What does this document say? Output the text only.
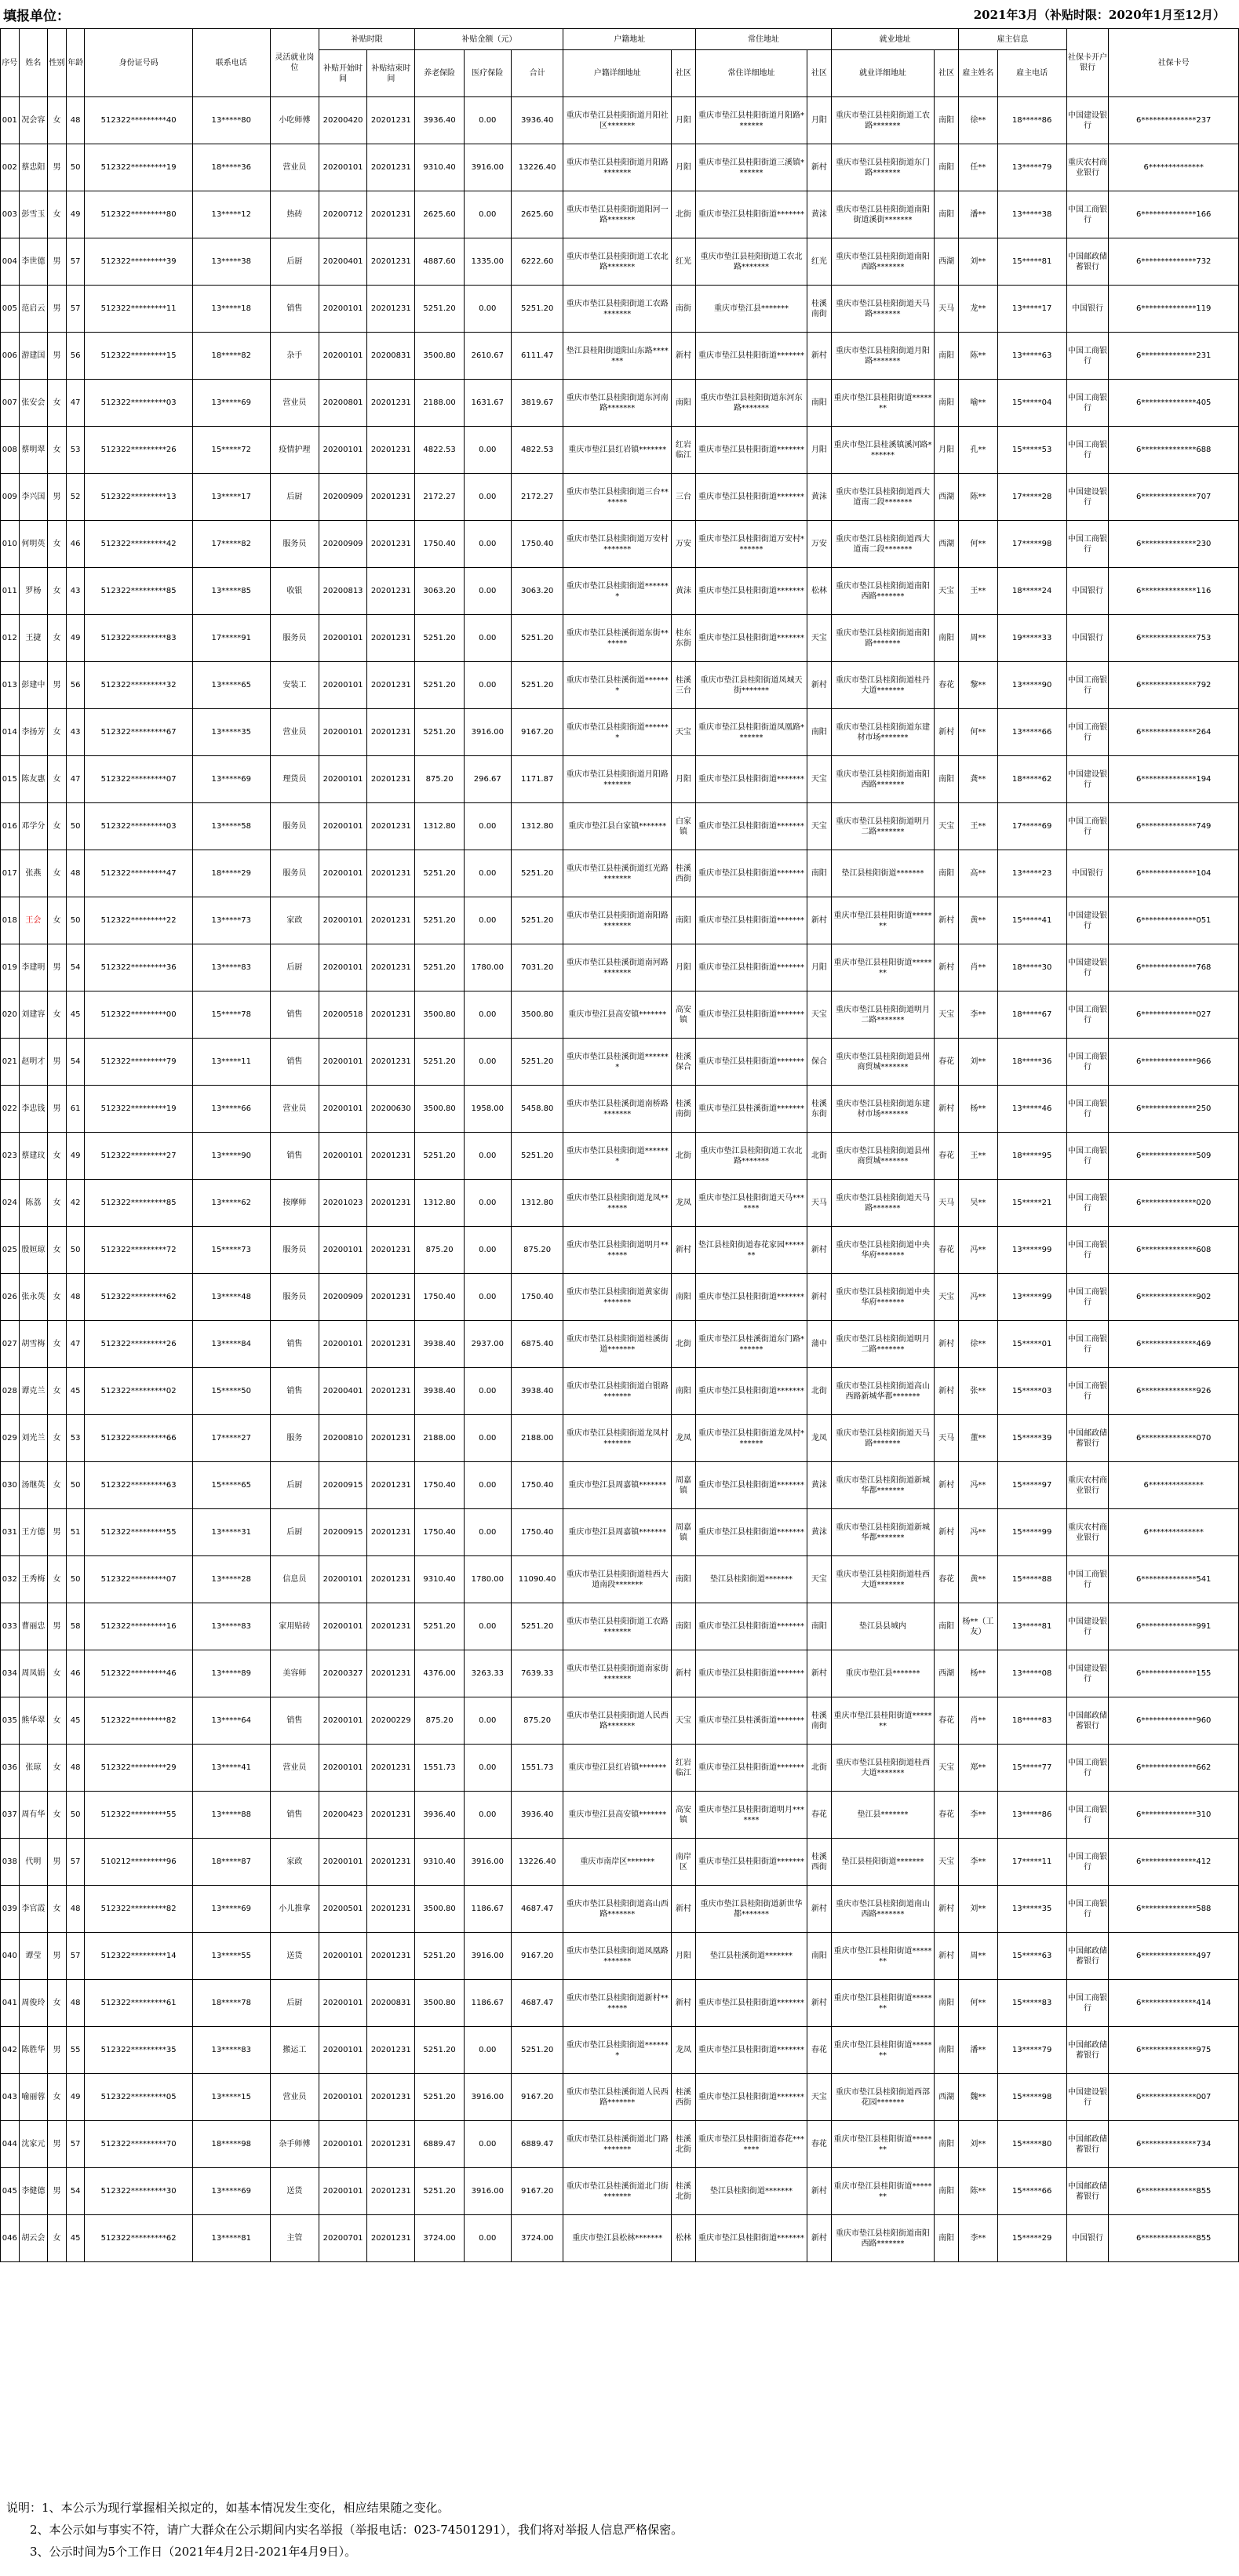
填报单位：	2021年3月（补贴时限：2020年1月至12月）
序号	姓名	性别	年龄	身份证号码	联系电话	灵活就业岗位	补贴时限		补贴金额（元）			户籍地址		常住地址		就业地址		雇主信息		社保卡开户银行	社保卡号
							补贴开始时间	补贴结束时间	养老保险	医疗保险	合计	户籍详细地址	社区	常住详细地址	社区	就业详细地址	社区	雇主姓名	雇主电话		
001	况会容	女	48	512322*********40	13*****80	小吃师傅	20200420	20201231	3936.40	0.00	3936.40	重庆市垫江县桂阳街道月阳社区*******	月阳	重庆市垫江县桂阳街道月阳路*******	月阳	重庆市垫江县桂阳街道工农路*******	南阳	徐**	18*****86	中国建设银行	6**************237
002	蔡忠阳	男	50	512322*********19	18*****36	营业员	20200101	20201231	9310.40	3916.00	13226.40	重庆市垫江县桂阳街道月阳路*******	月阳	重庆市垫江县桂阳街道三溪镇*******	新村	重庆市垫江县桂阳街道东门路*******	南阳	任**	13*****79	重庆农村商业银行	6**************
003	彭雪玉	女	49	512322*********80	13*****12	热砖	20200712	20201231	2625.60	0.00	2625.60	重庆市垫江县桂阳街道阳河一路*******	北街	重庆市垫江县桂阳街道*******	黄沫	重庆市垫江县桂阳街道南阳街道溪街*******	南阳	潘**	13*****38	中国工商银行	6**************166
004	李世德	男	57	512322*********39	13*****38	后厨	20200401	20201231	4887.60	1335.00	6222.60	重庆市垫江县桂阳街道工农北路*******	红光	重庆市垫江县桂阳街道工农北路*******	红光	重庆市垫江县桂阳街道南阳西路*******	西湖	刘**	15*****81	中国邮政储蓄银行	6**************732
005	范启云	男	57	512322*********11	13*****18	销售	20200101	20201231	5251.20	0.00	5251.20	重庆市垫江县桂阳街道工农路*******	南街	重庆市垫江县*******	桂溪南街	重庆市垫江县桂阳街道天马路*******	天马	龙**	13*****17	中国银行	6**************119
006	游建国	男	56	512322*********15	18*****82	杂手	20200101	20200831	3500.80	2610.67	6111.47	垫江县桂阳街道阳山东路*******	新村	重庆市垫江县桂阳街道*******	新村	重庆市垫江县桂阳街道月阳路*******	南阳	陈**	13*****63	中国工商银行	6**************231
007	张安会	女	47	512322*********03	13*****69	营业员	20200801	20201231	2188.00	1631.67	3819.67	重庆市垫江县桂阳街道东河南路*******	南阳	重庆市垫江县桂阳街道东河东路*******	南阳	重庆市垫江县桂阳街道*******	南阳	喻**	15*****04	中国工商银行	6**************405
008	蔡明翠	女	53	512322*********26	15*****72	疫情护理	20200101	20201231	4822.53	0.00	4822.53	重庆市垫江县红岩镇*******	红岩临江	重庆市垫江县桂阳街道*******	月阳	重庆市垫江县桂溪镇溪河路*******	月阳	孔**	15*****53	中国工商银行	6**************688
009	李兴国	男	52	512322*********13	13*****17	后厨	20200909	20201231	2172.27	0.00	2172.27	重庆市垫江县桂阳街道三台*******	三台	重庆市垫江县桂阳街道*******	黄沫	重庆市垫江县桂阳街道西大道南二段*******	西湖	陈**	17*****28	中国建设银行	6**************707
010	何明英	女	46	512322*********42	17*****82	服务员	20200909	20201231	1750.40	0.00	1750.40	重庆市垫江县桂阳街道万安村*******	万安	重庆市垫江县桂阳街道万安村*******	万安	重庆市垫江县桂阳街道西大道南二段*******	西湖	何**	17*****98	中国工商银行	6**************230
011	罗杨	女	43	512322*********85	13*****85	收银	20200813	20201231	3063.20	0.00	3063.20	重庆市垫江县桂阳街道*******	黄沫	重庆市垫江县桂阳街道*******	松林	重庆市垫江县桂阳街道南阳西路*******	天宝	王**	18*****24	中国银行	6**************116
012	王捷	女	49	512322*********83	17*****91	服务员	20200101	20201231	5251.20	0.00	5251.20	重庆市垫江县桂溪街道东街*******	桂东东街	重庆市垫江县桂阳街道*******	天宝	重庆市垫江县桂阳街道南阳路*******	南阳	周**	19*****33	中国银行	6**************753
013	彭建中	男	56	512322*********32	13*****65	安装工	20200101	20201231	5251.20	0.00	5251.20	重庆市垫江县桂溪街道*******	桂溪三台	重庆市垫江县桂阳街道凤城天街*******	新村	重庆市垫江县桂阳街道桂丹大道*******	春花	黎**	13*****90	中国工商银行	6**************792
014	李扬芳	女	43	512322*********67	13*****35	营业员	20200101	20201231	5251.20	3916.00	9167.20	重庆市垫江县桂阳街道*******	天宝	重庆市垫江县桂阳街道凤凰路*******	南阳	重庆市垫江县桂阳街道东建材市场*******	新村	何**	13*****66	中国工商银行	6**************264
015	陈友惠	女	47	512322*********07	13*****69	理货员	20200101	20201231	875.20	296.67	1171.87	重庆市垫江县桂阳街道月阳路*******	月阳	重庆市垫江县桂阳街道*******	天宝	重庆市垫江县桂阳街道南阳西路*******	南阳	龚**	18*****62	中国建设银行	6**************194
016	邓学分	女	50	512322*********03	13*****58	服务员	20200101	20201231	1312.80	0.00	1312.80	重庆市垫江县白家镇*******	白家镇	重庆市垫江县桂阳街道*******	天宝	重庆市垫江县桂阳街道明月二路*******	天宝	王**	17*****69	中国工商银行	6**************749
017	张燕	女	48	512322*********47	18*****29	服务员	20200101	20201231	5251.20	0.00	5251.20	重庆市垫江县桂溪街道红光路*******	桂溪西街	重庆市垫江县桂阳街道*******	南阳	垫江县桂阳街道*******	南阳	高**	13*****23	中国银行	6**************104
018	王会	女	50	512322*********22	13*****73	家政	20200101	20201231	5251.20	0.00	5251.20	重庆市垫江县桂阳街道南阳路*******	南阳	重庆市垫江县桂阳街道*******	新村	重庆市垫江县桂阳街道*******	新村	黄**	15*****41	中国建设银行	6**************051
019	李建明	男	54	512322*********36	13*****83	后厨	20200101	20201231	5251.20	1780.00	7031.20	重庆市垫江县桂溪街道南河路*******	月阳	重庆市垫江县桂阳街道*******	月阳	重庆市垫江县桂阳街道*******	新村	肖**	18*****30	中国建设银行	6**************768
020	刘建容	女	45	512322*********00	15*****78	销售	20200518	20201231	3500.80	0.00	3500.80	重庆市垫江县高安镇*******	高安镇	重庆市垫江县桂阳街道*******	天宝	重庆市垫江县桂阳街道明月二路*******	天宝	李**	18*****67	中国工商银行	6**************027
021	赵明才	男	54	512322*********79	13*****11	销售	20200101	20201231	5251.20	0.00	5251.20	重庆市垫江县桂溪街道*******	桂溪保合	重庆市垫江县桂阳街道*******	保合	重庆市垫江县桂阳街道县州商贸城*******	春花	刘**	18*****36	中国工商银行	6**************966
022	李忠钱	男	61	512322*********19	13*****66	营业员	20200101	20200630	3500.80	1958.00	5458.80	重庆市垫江县桂溪街道南桥路*******	桂溪南街	重庆市垫江县桂溪街道*******	桂溪东街	重庆市垫江县桂阳街道东建材市场*******	新村	杨**	13*****46	中国工商银行	6**************250
023	蔡建玟	女	49	512322*********27	13*****90	销售	20200101	20201231	5251.20	0.00	5251.20	重庆市垫江县桂阳街道*******	北街	重庆市垫江县桂阳街道工农北路*******	北街	重庆市垫江县桂阳街道县州商贸城*******	春花	王**	18*****95	中国工商银行	6**************509
024	陈荔	女	42	512322*********85	13*****62	按摩师	20201023	20201231	1312.80	0.00	1312.80	重庆市垫江县桂阳街道龙凤*******	龙凤	重庆市垫江县桂阳街道天马*******	天马	重庆市垫江县桂阳街道天马路*******	天马	吴**	15*****21	中国工商银行	6**************020
025	殷姮琼	女	50	512322*********72	15*****73	服务员	20200101	20201231	875.20	0.00	875.20	重庆市垫江县桂阳街道明月*******	新村	垫江县桂阳街道春花家园*******	新村	重庆市垫江县桂阳街道中央华府*******	春花	冯**	13*****99	中国工商银行	6**************608
026	张永英	女	48	512322*********62	13*****48	服务员	20200909	20201231	1750.40	0.00	1750.40	重庆市垫江县桂阳街道黄家街*******	南阳	重庆市垫江县桂阳街道*******	新村	重庆市垫江县桂阳街道中央华府*******	天宝	冯**	13*****99	中国工商银行	6**************902
027	胡雪梅	女	47	512322*********26	13*****84	销售	20200101	20201231	3938.40	2937.00	6875.40	重庆市垫江县桂阳街道桂溪街道*******	北街	重庆市垫江县桂溪街道东门路*******	蒲中	重庆市垫江县桂阳街道明月二路*******	新村	徐**	15*****01	中国工商银行	6**************469
028	谭克兰	女	45	512322*********02	15*****50	销售	20200401	20201231	3938.40	0.00	3938.40	重庆市垫江县桂阳街道白银路*******	南阳	重庆市垫江县桂阳街道*******	北街	重庆市垫江县桂阳街道高山西路新城华都*******	新村	张**	15*****03	中国工商银行	6**************926
029	刘光兰	女	53	512322*********66	17*****27	服务	20200810	20201231	2188.00	0.00	2188.00	重庆市垫江县桂阳街道龙凤村*******	龙凤	重庆市垫江县桂阳街道龙凤村*******	龙凤	重庆市垫江县桂阳街道天马路*******	天马	董**	15*****39	中国邮政储蓄银行	6**************070
030	汤继英	女	50	512322*********63	15*****65	后厨	20200915	20201231	1750.40	0.00	1750.40	重庆市垫江县周嘉镇*******	周嘉镇	重庆市垫江县桂阳街道*******	黄沫	重庆市垫江县桂阳街道新城华都*******	新村	冯**	15*****97	重庆农村商业银行	6**************
031	王方德	男	51	512322*********55	13*****31	后厨	20200915	20201231	1750.40	0.00	1750.40	重庆市垫江县周嘉镇*******	周嘉镇	重庆市垫江县桂阳街道*******	黄沫	重庆市垫江县桂阳街道新城华都*******	新村	冯**	15*****99	重庆农村商业银行	6**************
032	王秀梅	女	50	512322*********07	13*****28	信息员	20200101	20201231	9310.40	1780.00	11090.40	重庆市垫江县桂阳街道桂西大道南段*******	南阳	垫江县桂阳街道*******	天宝	重庆市垫江县桂阳街道桂西大道*******	春花	黄**	15*****88	中国工商银行	6**************541
033	曹丽忠	男	58	512322*********16	13*****83	家用贴砖	20200101	20201231	5251.20	0.00	5251.20	重庆市垫江县桂阳街道工农路*******	南阳	重庆市垫江县桂阳街道*******	南阳	垫江县县城内	南阳	杨**（工友）	13*****81	中国建设银行	6**************991
034	周凤娟	女	46	512322*********46	13*****89	美容师	20200327	20201231	4376.00	3263.33	7639.33	重庆市垫江县桂阳街道南家街*******	新村	重庆市垫江县桂阳街道*******	新村	重庆市垫江县*******	西湖	杨**	13*****08	中国建设银行	6**************155
035	熊华翠	女	45	512322*********82	13*****64	销售	20200101	20200229	875.20	0.00	875.20	重庆市垫江县桂阳街道人民西路*******	天宝	重庆市垫江县桂溪街道*******	桂溪南街	重庆市垫江县桂阳街道*******	春花	肖**	18*****83	中国邮政储蓄银行	6**************960
036	张琼	女	48	512322*********29	13*****41	营业员	20200101	20201231	1551.73	0.00	1551.73	重庆市垫江县红岩镇*******	红岩临江	重庆市垫江县桂阳街道*******	北街	重庆市垫江县桂阳街道桂西大道*******	天宝	郑**	15*****77	中国工商银行	6**************662
037	周有华	女	50	512322*********55	13*****88	销售	20200423	20201231	3936.40	0.00	3936.40	重庆市垫江县高安镇*******	高安镇	重庆市垫江县桂阳街道明月*******	春花	垫江县*******	春花	李**	13*****86	中国工商银行	6**************310
038	代明	男	57	510212*********96	18*****87	家政	20200101	20201231	9310.40	3916.00	13226.40	重庆市南岸区*******	南岸区	重庆市垫江县桂阳街道*******	桂溪西街	垫江县桂阳街道*******	天宝	李**	17*****11	中国工商银行	6**************412
039	李官霞	女	48	512322*********82	13*****69	小儿推拿	20200501	20201231	3500.80	1186.67	4687.47	重庆市垫江县桂阳街道高山西路*******	新村	重庆市垫江县桂阳街道新世华都*******	新村	重庆市垫江县桂阳街道南山西路*******	新村	刘**	13*****35	中国工商银行	6**************588
040	谭莹	男	57	512322*********14	13*****55	送货	20200101	20201231	5251.20	3916.00	9167.20	重庆市垫江县桂阳街道凤凰路*******	月阳	垫江县桂溪街道*******	南阳	重庆市垫江县桂阳街道*******	新村	周**	15*****63	中国邮政储蓄银行	6**************497
041	周俊玲	女	48	512322*********61	18*****78	后厨	20200101	20200831	3500.80	1186.67	4687.47	重庆市垫江县桂阳街道新村*******	新村	重庆市垫江县桂阳街道*******	新村	重庆市垫江县桂阳街道*******	南阳	何**	15*****83	中国工商银行	6**************414
042	陈胜华	男	55	512322*********35	13*****83	搬运工	20200101	20201231	5251.20	0.00	5251.20	重庆市垫江县桂阳街道*******	龙凤	重庆市垫江县桂阳街道*******	春花	重庆市垫江县桂阳街道*******	南阳	潘**	13*****79	中国邮政储蓄银行	6**************975
043	喻丽蓉	女	49	512322*********05	13*****15	营业员	20200101	20201231	5251.20	3916.00	9167.20	重庆市垫江县桂溪街道人民西路*******	桂溪西街	重庆市垫江县桂阳街道*******	天宝	重庆市垫江县桂阳街道西部花园*******	西湖	魏**	15*****98	中国建设银行	6**************007
044	沈家元	男	57	512322*********70	18*****98	杂手师傅	20200101	20201231	6889.47	0.00	6889.47	重庆市垫江县桂溪街道北门路*******	桂溪北街	重庆市垫江县桂阳街道春花*******	春花	重庆市垫江县桂阳街道*******	南阳	刘**	15*****80	中国邮政储蓄银行	6**************734
045	李健德	男	54	512322*********30	13*****69	送货	20200101	20201231	5251.20	3916.00	9167.20	重庆市垫江县桂溪街道北门街*******	桂溪北街	垫江县桂阳街道*******	新村	重庆市垫江县桂阳街道*******	南阳	陈**	15*****66	中国邮政储蓄银行	6**************855
046	胡云会	女	45	512322*********62	13*****81	主管	20200701	20201231	3724.00	0.00	3724.00	重庆市垫江县松林*******	松林	重庆市垫江县桂阳街道*******	新村	重庆市垫江县桂阳街道南阳西路*******	南阳	李**	15*****29	中国银行	6**************855
说明：1、本公示为现行掌握相关拟定的，如基本情况发生变化，相应结果随之变化。
2、本公示如与事实不符，请广大群众在公示期间内实名举报（举报电话：023-74501291），我们将对举报人信息严格保密。
3、公示时间为5个工作日（2021年4月2日-2021年4月9日）。
